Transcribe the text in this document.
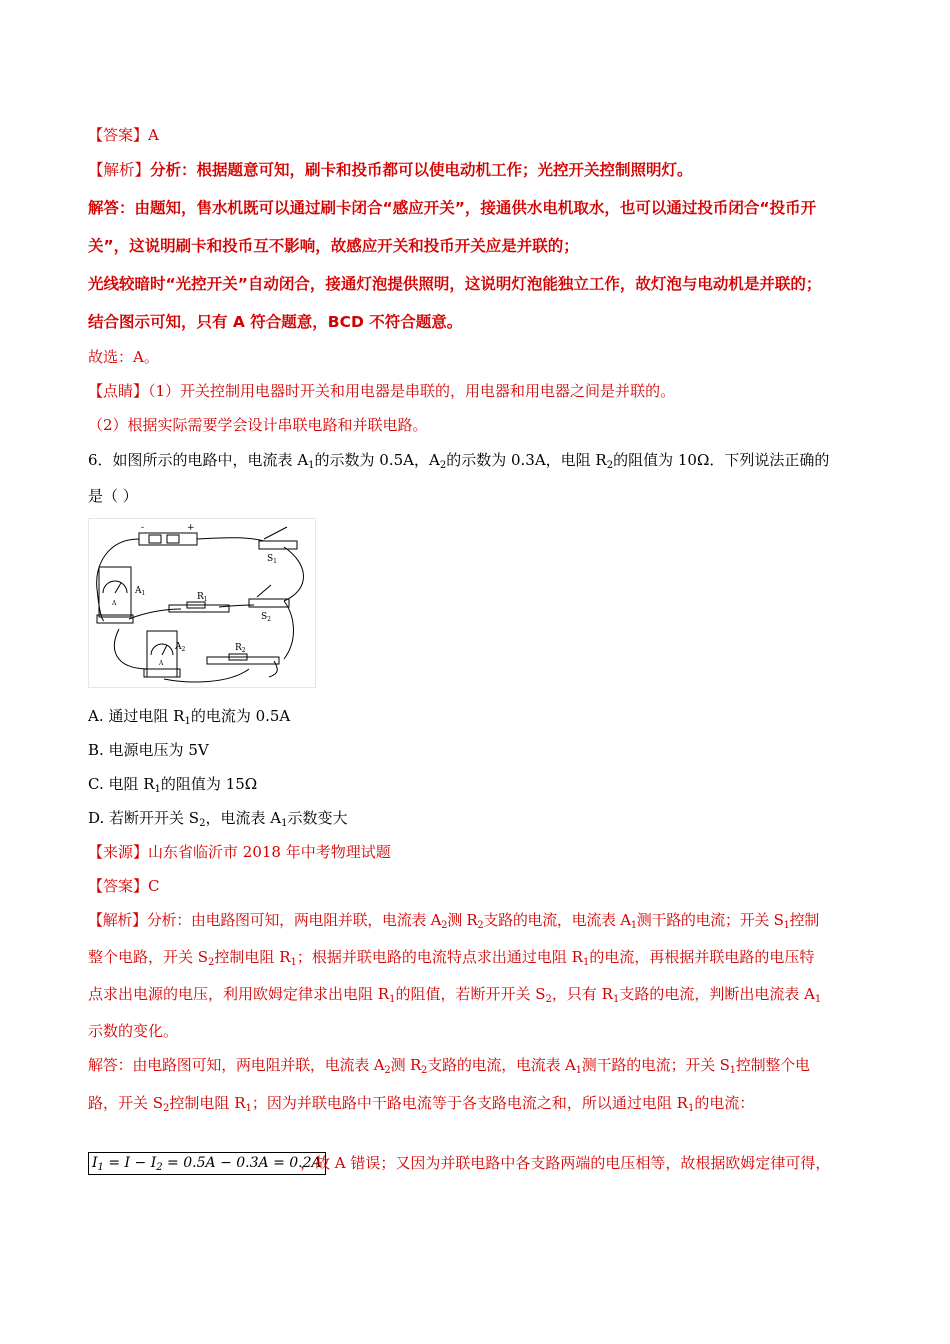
【答案】A
【解析】分析：根据题意可知，刷卡和投币都可以使电动机工作；光控开关控制照明灯。
解答：由题知，售水机既可以通过刷卡闭合“感应开关”，接通供水电机取水，也可以通过投币闭合“投币开
关”，这说明刷卡和投币互不影响，故感应开关和投币开关应是并联的；
光线较暗时“光控开关”自动闭合，接通灯泡提供照明，这说明灯泡能独立工作，故灯泡与电动机是并联的；
结合图示可知，只有 A 符合题意，BCD 不符合题意。
故选：A。
【点睛】（1）开关控制用电器时开关和用电器是串联的，用电器和用电器之间是并联的。
（2）根据实际需要学会设计串联电路和并联电路。
6．如图所示的电路中，电流表 $A_1$的示数为 0.5A，$A_2$的示数为 0.3A，电阻 $R_2$的阻值为 10Ω．下列说法正确的
是（ ）
-	+
$S_1$
$A_1$	$R_1$
$S_2$
$A_2$	$R_2$
A
A
A. 通过电阻 $R_1$的电流为 0.5A
B. 电源电压为 5V
C. 电阻 $R_1$的阻值为 15Ω
D. 若断开开关 $S_2$，电流表 $A_1$示数变大
【来源】山东省临沂市 2018 年中考物理试题
【答案】C
【解析】分析：由电路图可知，两电阻并联，电流表 $A_2$测 $R_2$支路的电流，电流表 $A_1$测干路的电流；开关 $S_1$控制
整个电路，开关 $S_2$控制电阻 $R_1$；根据并联电路的电流特点求出通过电阻 $R_1$的电流，再根据并联电路的电压特
点求出电源的电压，利用欧姆定律求出电阻 $R_1$的阻值，若断开开关 $S_2$，只有 $R_1$支路的电流，判断出电流表 $A_1$
示数的变化。
解答：由电路图可知，两电阻并联，电流表 $A_2$测 $R_2$支路的电流，电流表 $A_1$测干路的电流；开关 $S_1$控制整个电
路，开关 $S_2$控制电阻 $R_1$；因为并联电路中干路电流等于各支路电流之和，所以通过电阻 $R_1$的电流：
$I_1 = I - I_2 = 0.5A - 0.3A = 0.2A$
，故 A 错误；又因为并联电路中各支路两端的电压相等，故根据欧姆定律可得，
